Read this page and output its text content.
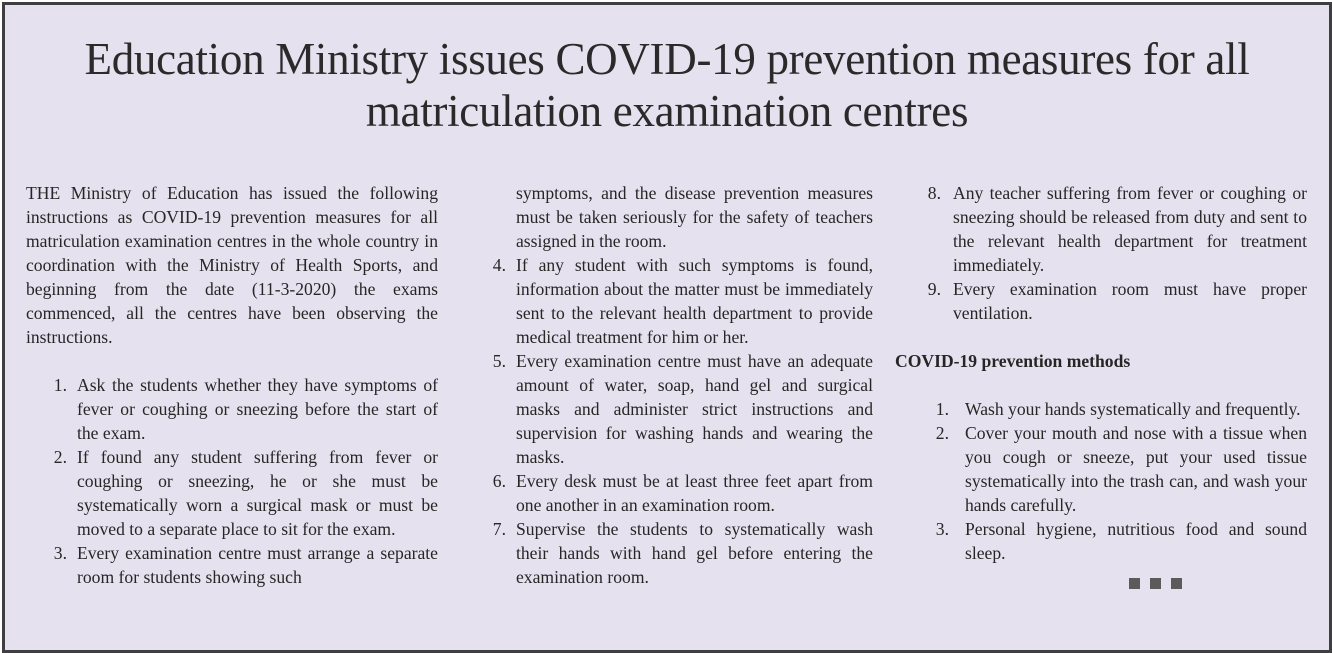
Education Ministry issues COVID-19 prevention measures for all matriculation examination centres

THE Ministry of Education has issued the following instructions as COVID-19 prevention measures for all matriculation examination centres in the whole country in coordination with the Ministry of Health Sports, and beginning from the date (11-3-2020) the exams commenced, all the centres have been observing the instructions.

1. Ask the students whether they have symptoms of fever or coughing or sneezing before the start of the exam.
2. If found any student suffering from fever or coughing or sneezing, he or she must be systematically worn a surgical mask or must be moved to a separate place to sit for the exam.
3. Every examination centre must arrange a separate room for students showing such

symptoms, and the disease prevention measures must be taken seriously for the safety of teachers assigned in the room.

4. If any student with such symptoms is found, information about the matter must be immediately sent to the relevant health department to provide medical treatment for him or her.
5. Every examination centre must have an adequate amount of water, soap, hand gel and surgical masks and administer strict instructions and supervision for washing hands and wearing the masks.
6. Every desk must be at least three feet apart from one another in an examination room.
7. Supervise the students to systematically wash their hands with hand gel before entering the examination room.
8. Any teacher suffering from fever or coughing or sneezing should be released from duty and sent to the relevant health department for treatment immediately.
9. Every examination room must have proper ventilation.

COVID-19 prevention methods

1. Wash your hands systematically and frequently.
2. Cover your mouth and nose with a tissue when you cough or sneeze, put your used tissue systematically into the trash can, and wash your hands carefully.
3. Personal hygiene, nutritious food and sound sleep.
